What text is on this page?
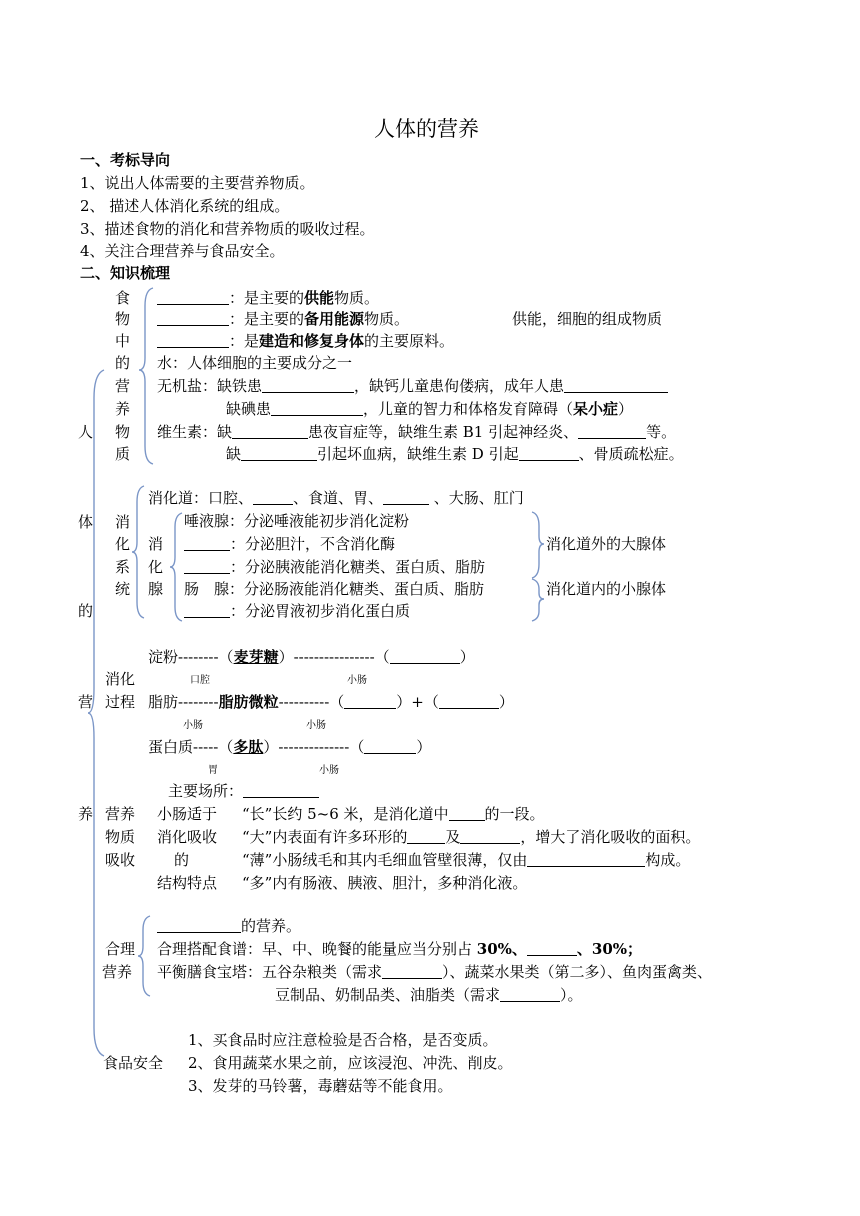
人体的营养
一、考标导向
1、说出人体需要的主要营养物质。
2、 描述人体消化系统的组成。
3、描述食物的消化和营养物质的吸收过程。
4、关注合理营养与食品安全。
二、知识梳理
人
体
的
营
养
食
物
中
的
营
养
物
质
：是主要的供能物质。
：是主要的备用能源物质。	供能，细胞的组成物质
：是建造和修复身体的主要原料。
水：人体细胞的主要成分之一
无机盐：缺铁患	，缺钙儿童患佝偻病，成年人患
缺碘患	，儿童的智力和体格发育障碍（呆小症）
维生素：缺	患夜盲症等，缺维生素 B1 引起神经炎、	等。
缺	引起坏血病，缺维生素 D 引起	、骨质疏松症。
消
化
系
统
消化道：口腔、	、食道、胃、	、大肠、肛门
消
化
腺
唾液腺：分泌唾液能初步消化淀粉
：分泌胆汁，不含消化酶
：分泌胰液能消化糖类、蛋白质、脂肪
肠　腺：分泌肠液能消化糖类、蛋白质、脂肪
：分泌胃液初步消化蛋白质
消化道外的大腺体
消化道内的小腺体
消化
过程
淀粉--------（麦芽糖）----------------（	）
口腔	小肠
脂肪--------脂肪微粒----------（	）+（	）
小肠	小肠
蛋白质-----（多肽）--------------（	）
胃	小肠
主要场所：
营养
物质
吸收
小肠适于
消化吸收
的
结构特点
“长”长约 5~6 米，是消化道中 的一段。
“大”内表面有许多环形的	及	，增大了消化吸收的面积。
“薄”小肠绒毛和其内毛细血管壁很薄，仅由	构成。
“多”内有肠液、胰液、胆汁，多种消化液。
合理
营养
的营养。
合理搭配食谱：早、中、晚餐的能量应当分别占 30%、	、30%；
平衡膳食宝塔：五谷杂粮类（需求	）、蔬菜水果类（第二多）、鱼肉蛋禽类、
豆制品、奶制品类、油脂类（需求	）。
1、买食品时应注意检验是否合格，是否变质。
食品安全 2、食用蔬菜水果之前，应该浸泡、冲洗、削皮。
3、发芽的马铃薯，毒蘑菇等不能食用。
